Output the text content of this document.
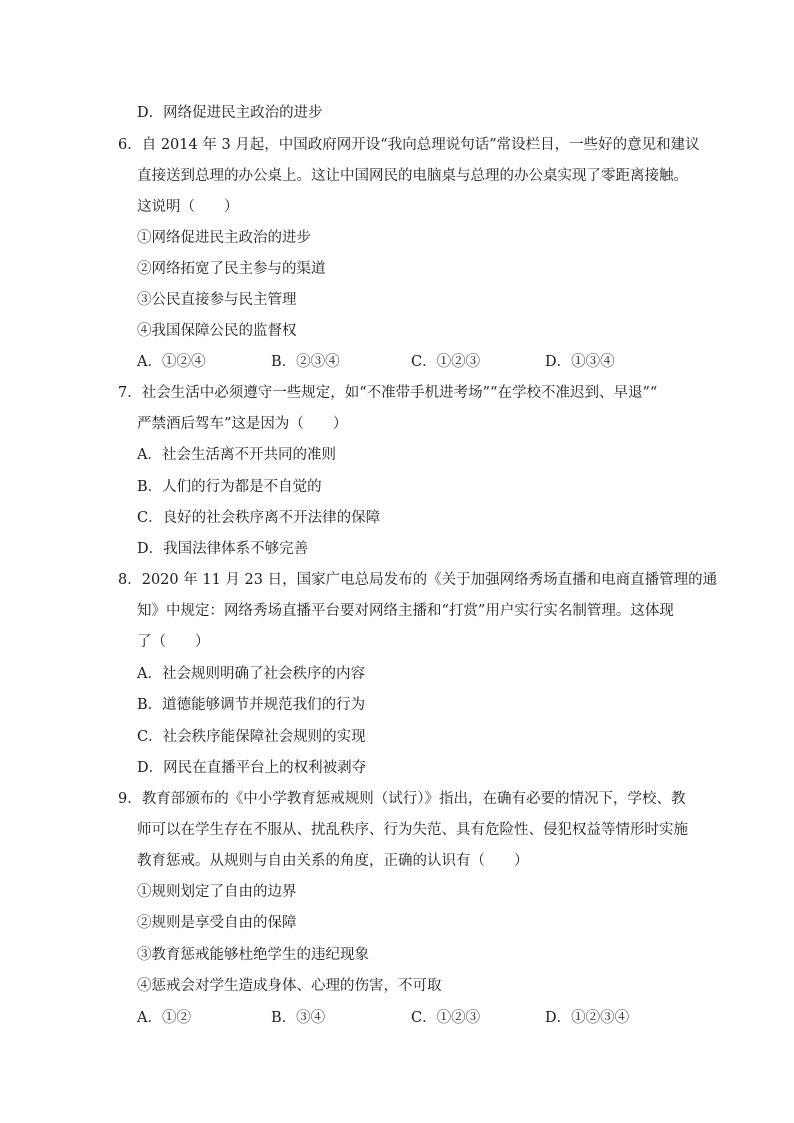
D．网络促进民主政治的进步
6．自 2014 年 3 月起，中国政府网开设“我向总理说句话”常设栏目，一些好的意见和建议
直接送到总理的办公桌上。这让中国网民的电脑桌与总理的办公桌实现了零距离接触。
这说明（　　）
①网络促进民主政治的进步
②网络拓宽了民主参与的渠道
③公民直接参与民主管理
④我国保障公民的监督权
A．①②④	B．②③④	C．①②③	D．①③④
7．社会生活中必须遵守一些规定，如“不准带手机进考场”“在学校不准迟到、早退”“
严禁酒后驾车”这是因为（　　）
A．社会生活离不开共同的准则
B．人们的行为都是不自觉的
C．良好的社会秩序离不开法律的保障
D．我国法律体系不够完善
8．2020 年 11 月 23 日，国家广电总局发布的《关于加强网络秀场直播和电商直播管理的通
知》中规定：网络秀场直播平台要对网络主播和“打赏”用户实行实名制管理。这体现
了（　　）
A．社会规则明确了社会秩序的内容
B．道德能够调节并规范我们的行为
C．社会秩序能保障社会规则的实现
D．网民在直播平台上的权利被剥夺
9．教育部颁布的《中小学教育惩戒规则（试行）》指出，在确有必要的情况下，学校、教
师可以在学生存在不服从、扰乱秩序、行为失范、具有危险性、侵犯权益等情形时实施
教育惩戒。从规则与自由关系的角度，正确的认识有（　　）
①规则划定了自由的边界
②规则是享受自由的保障
③教育惩戒能够杜绝学生的违纪现象
④惩戒会对学生造成身体、心理的伤害，不可取
A．①②	B．③④	C．①②③	D．①②③④
